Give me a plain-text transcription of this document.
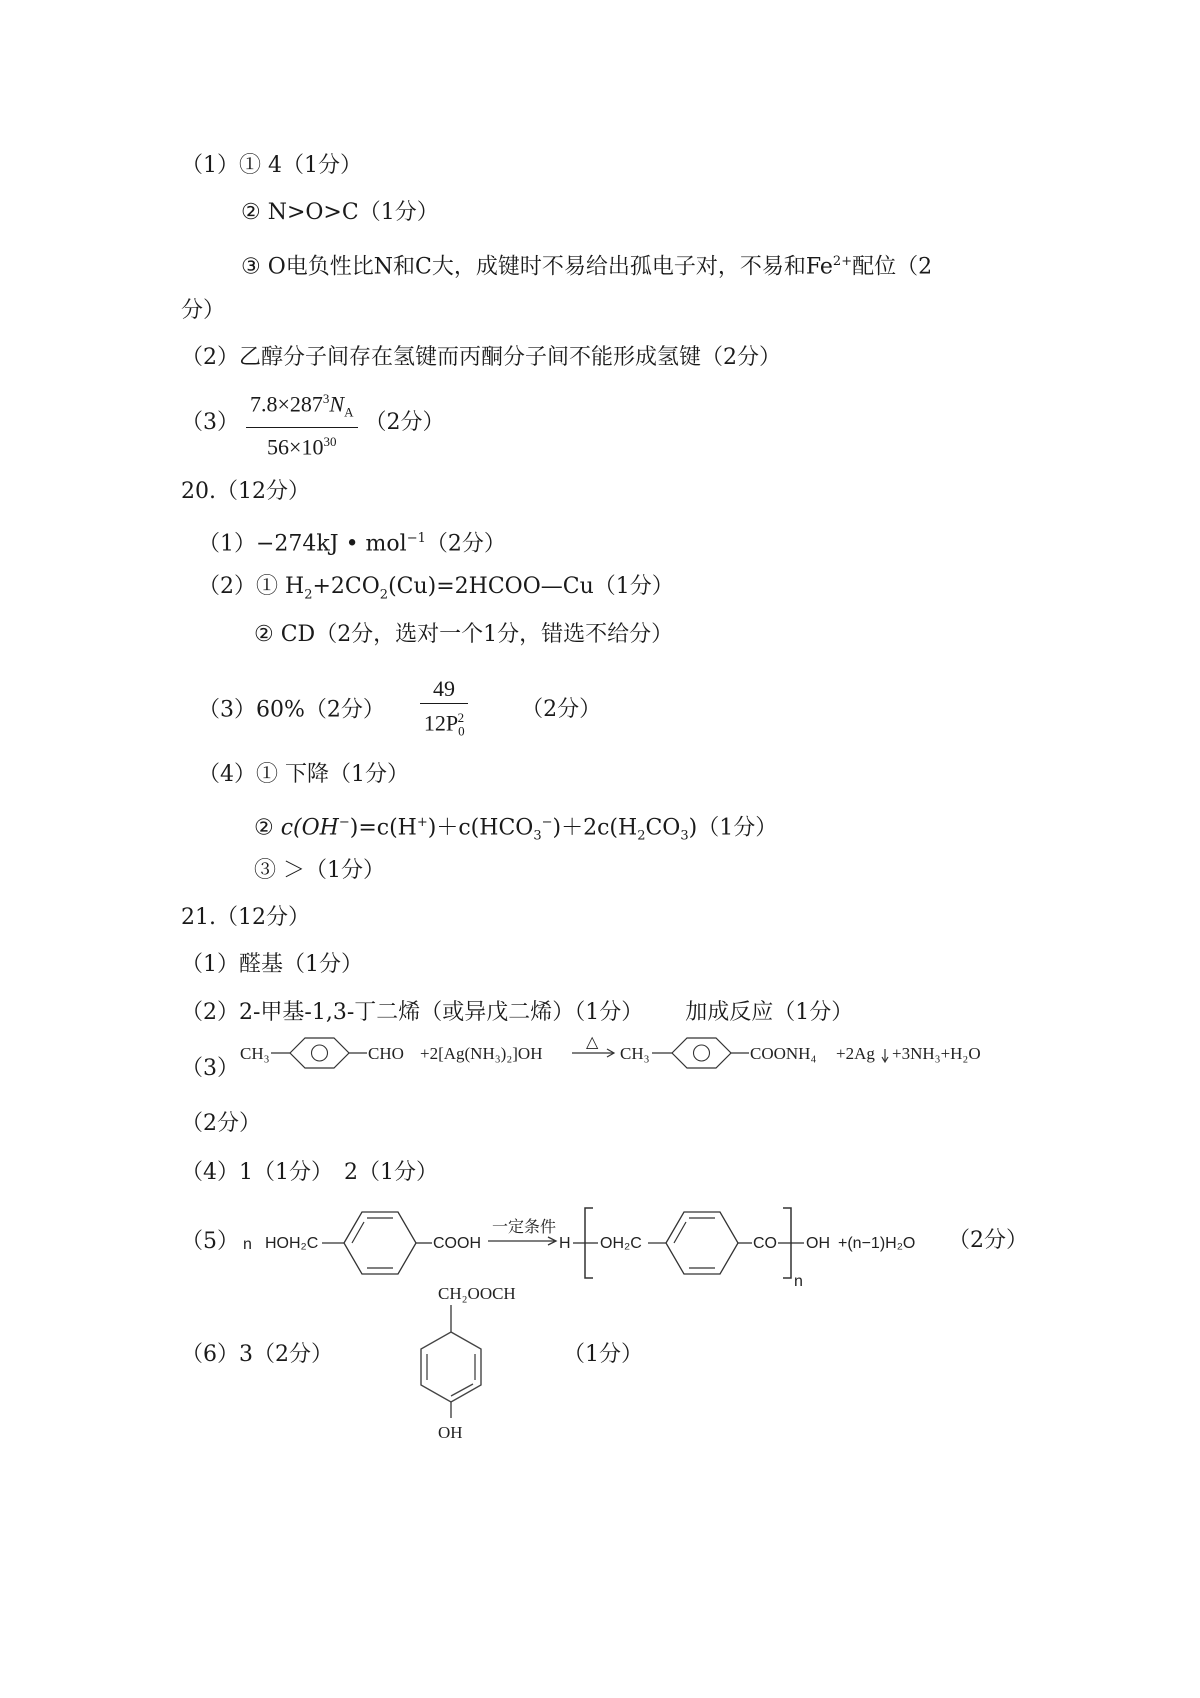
（1）① 4（1分）
② N>O>C（1分）
③ O电负性比N和C大，成键时不易给出孤电子对，不易和$Fe^{2+}$配位（2
分）
（2）乙醇分子间存在氢键而丙酮分子间不能形成氢键（2分）
$(3) \frac{7.8\times 287^3N_A}{56\times 10^{30}} (2$分）
20.（12分）
（1）−274kJ • mol$^{-1}$（2分）
（2）① $H_2+2CO_2(Cu)=2HCOO—Cu(1$分）
② CD（2分，选对一个1分，错选不给分）
（3）60%（2分） $\frac{49}{12P_0^2} (2$分）
（4）① 下降（1分）
② $c(OH^-)=c(H^+)+c(HCO_3^-)+2c(H_2CO_3)(1$分）
③ ＞（1分）
21.（12分）
（1）醛基（1分）
（2）2-甲基-1,3-丁二烯（或异戊二烯）（1分） 加成反应（1分）
（3）
CH₃	CHO +2[Ag(NH₃)₂]OH
△
CH₃	COONH₄ +2Ag +3NH₃+H₂O
（2分）
（4）1（1分）　2（1分）
（5） n HOH₂C	COOH
一定条件
H OH₂C	CO
n
OH +(n−1)H₂O （2分）
（6）3（2分）
CH₂OOCH
OH
（1分）
